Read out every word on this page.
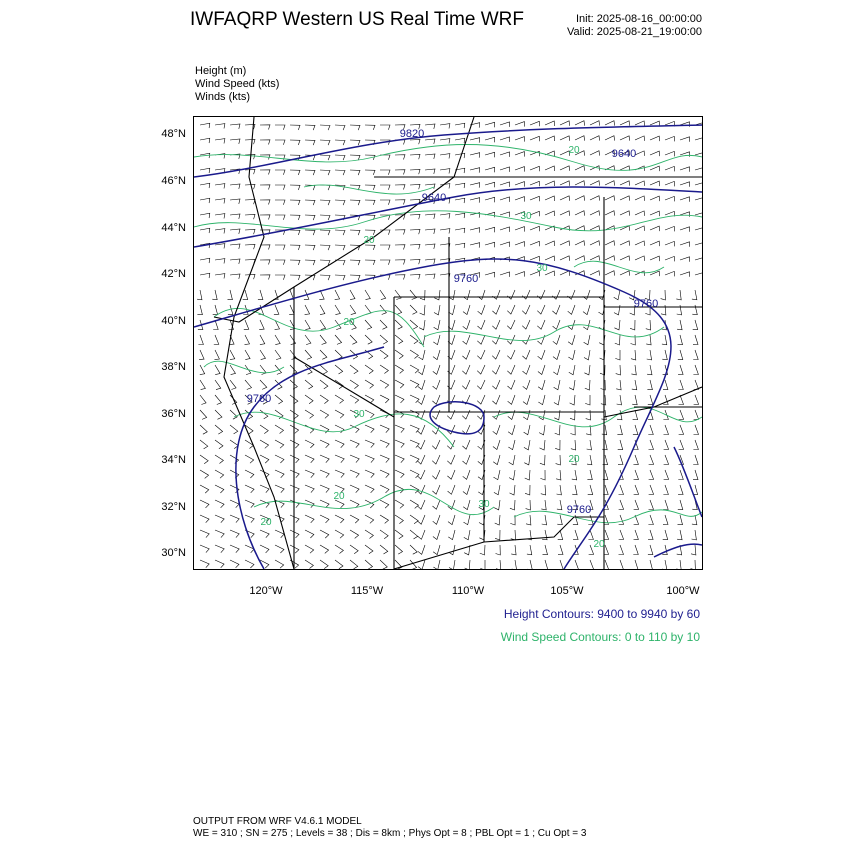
IWFAQRP Western US Real Time WRF	Init: 2025-08-16_00:00:00
Valid: 2025-08-21_19:00:00
Height (m)
Wind Speed (kts)
Winds (kts)
9820
9640
9640
9760
9760
9760
9760
20
30
20
30
20
30
20
30
20
20
20
48°N
46°N
44°N
42°N
40°N
38°N
36°N
34°N
32°N
30°N
120°W	115°W	110°W	105°W	100°W
Height Contours: 9400 to 9940 by 60
Wind Speed Contours: 0 to 110 by 10
OUTPUT FROM WRF V4.6.1 MODEL
WE = 310 ; SN = 275 ; Levels = 38 ; Dis = 8km ; Phys Opt = 8 ; PBL Opt = 1 ; Cu Opt = 3
